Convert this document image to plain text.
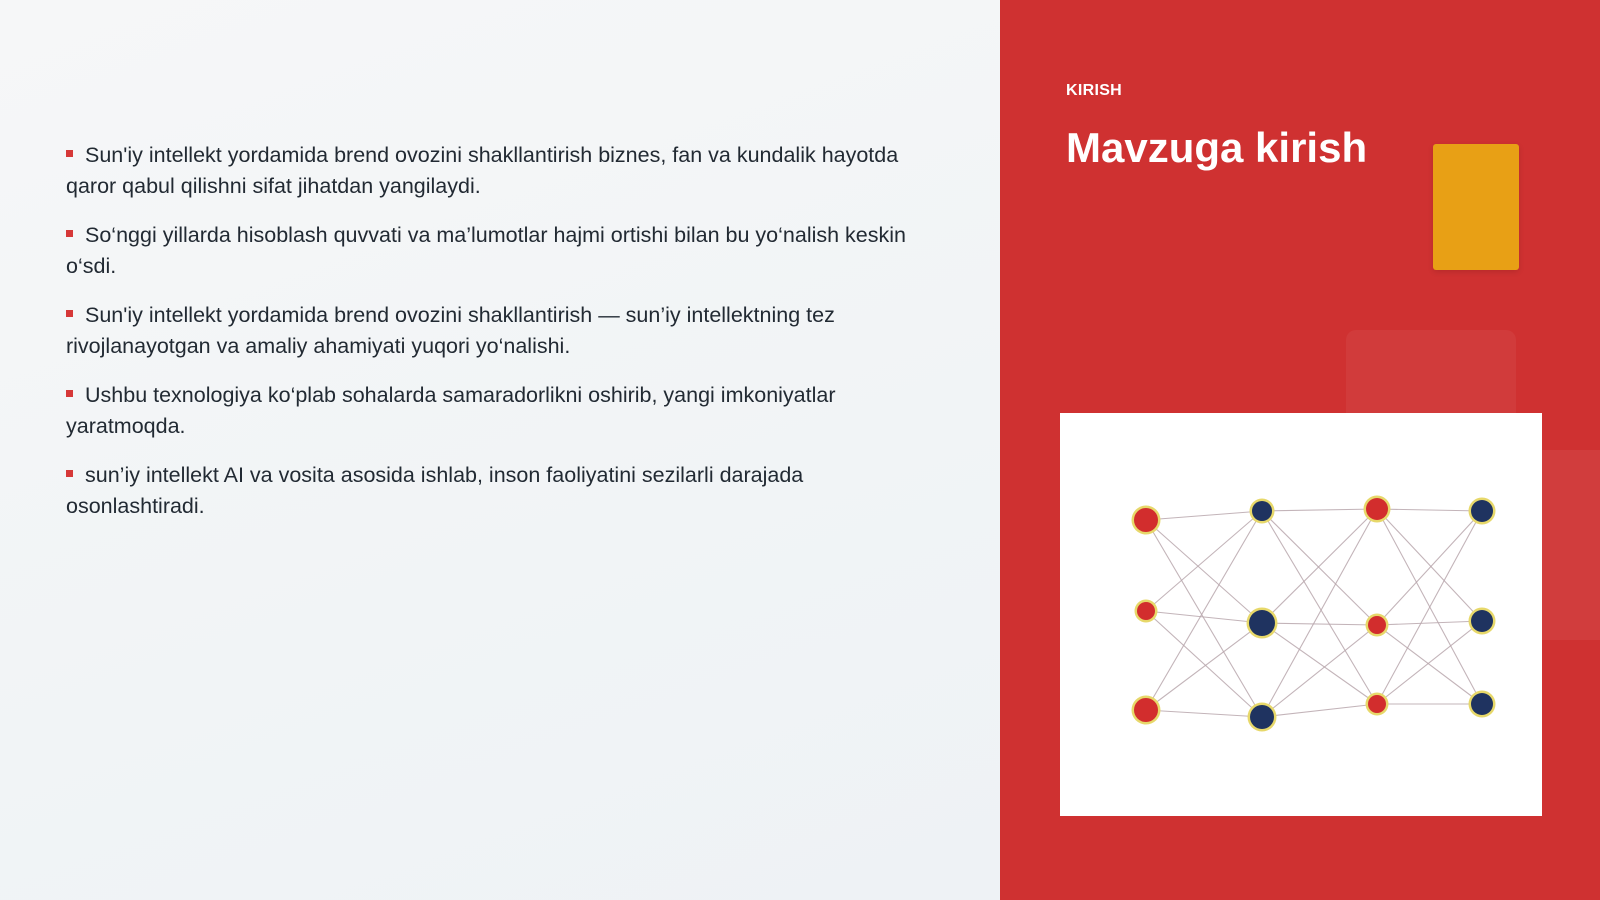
Sun'iy intellekt yordamida brend ovozini shakllantirish biznes, fan va kundalik hayotda qaror qabul qilishni sifat jihatdan yangilaydi.
So‘nggi yillarda hisoblash quvvati va ma’lumotlar hajmi ortishi bilan bu yo‘nalish keskin o‘sdi.
Sun'iy intellekt yordamida brend ovozini shakllantirish — sun’iy intellektning tez rivojlanayotgan va amaliy ahamiyati yuqori yo‘nalishi.
Ushbu texnologiya ko‘plab sohalarda samaradorlikni oshirib, yangi imkoniyatlar yaratmoqda.
sun’iy intellekt AI va vosita asosida ishlab, inson faoliyatini sezilarli darajada osonlashtiradi.
KIRISH
Mavzuga kirish
